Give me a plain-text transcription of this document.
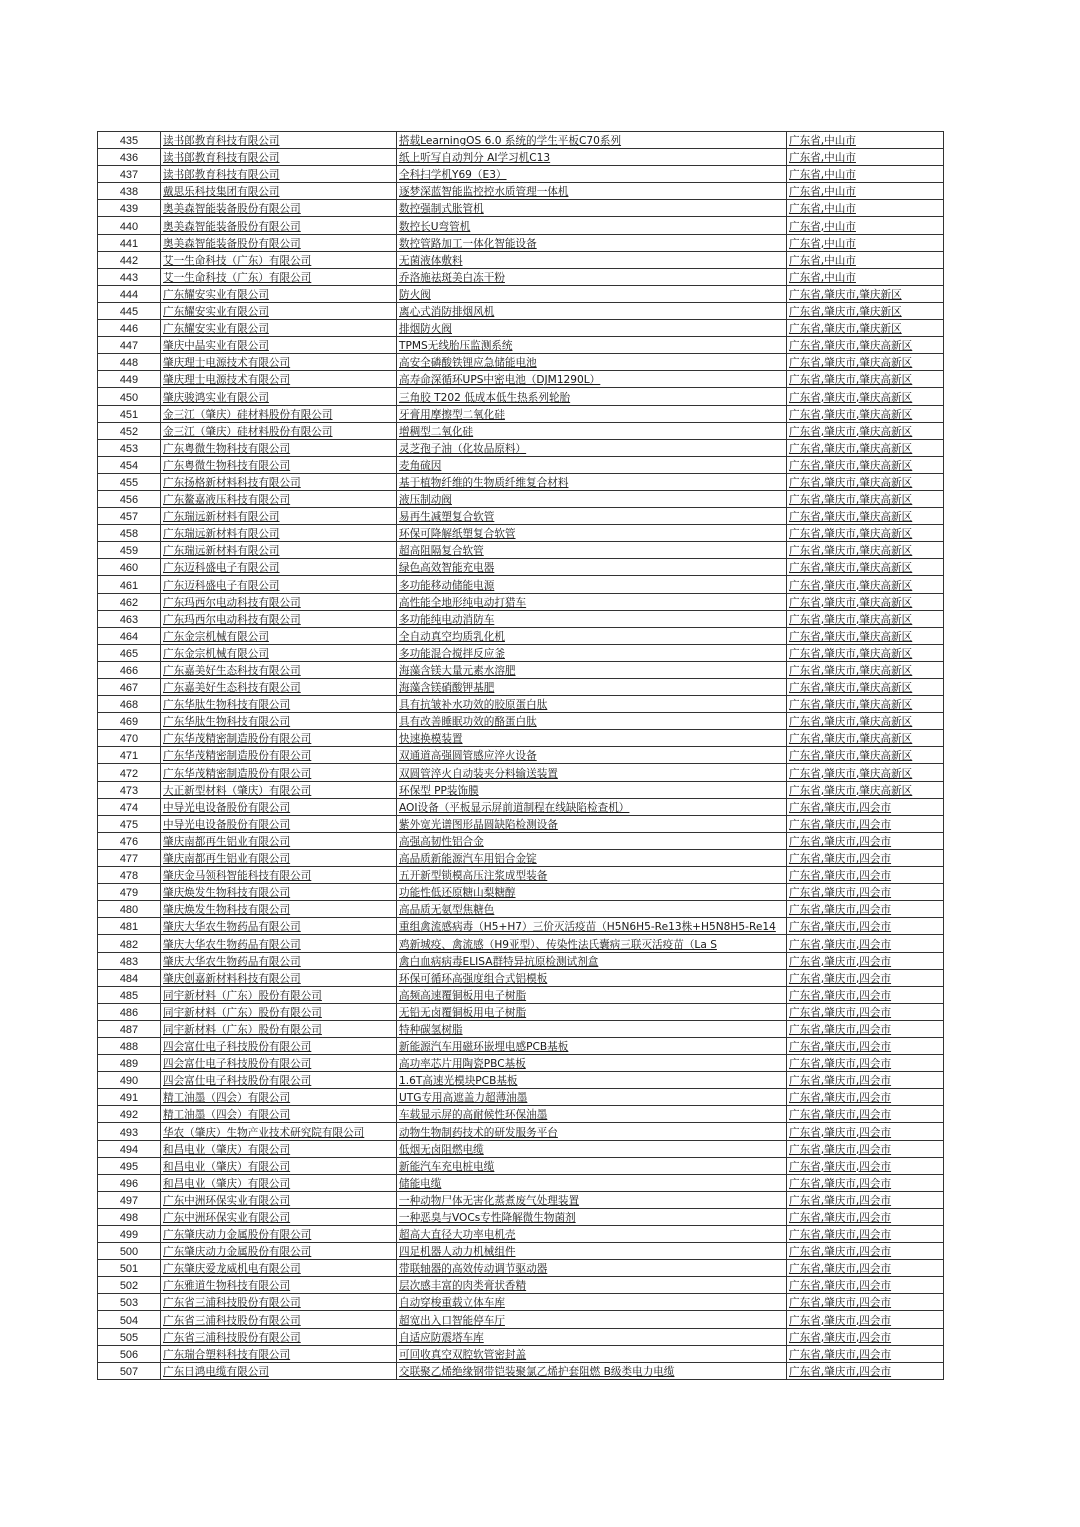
435	读书郎教育科技有限公司	搭载LearningOS 6.0 系统的学生平板C70系列	广东省,中山市
436	读书郎教育科技有限公司	纸上听写自动判分 AI学习机C13	广东省,中山市
437	读书郎教育科技有限公司	全科扫学机Y69（E3）	广东省,中山市
438	戴思乐科技集团有限公司	逐梦深蓝智能监控控水质管理一体机	广东省,中山市
439	奥美森智能装备股份有限公司	数控强制式胀管机	广东省,中山市
440	奥美森智能装备股份有限公司	数控长U弯管机	广东省,中山市
441	奥美森智能装备股份有限公司	数控管路加工一体化智能设备	广东省,中山市
442	艾一生命科技（广东）有限公司	无菌液体敷料	广东省,中山市
443	艾一生命科技（广东）有限公司	乔洛施祛斑美白冻干粉	广东省,中山市
444	广东耀安实业有限公司	防火阀	广东省,肇庆市,肇庆新区
445	广东耀安实业有限公司	离心式消防排烟风机	广东省,肇庆市,肇庆新区
446	广东耀安实业有限公司	排烟防火阀	广东省,肇庆市,肇庆新区
447	肇庆中晶实业有限公司	TPMS无线胎压监测系统	广东省,肇庆市,肇庆高新区
448	肇庆理士电源技术有限公司	高安全磷酸铁锂应急储能电池	广东省,肇庆市,肇庆高新区
449	肇庆理士电源技术有限公司	高寿命深循环UPS中密电池（DJM1290L）	广东省,肇庆市,肇庆高新区
450	肇庆骏鸿实业有限公司	三角胶 T202 低成本低生热系列轮胎	广东省,肇庆市,肇庆高新区
451	金三江（肇庆）硅材料股份有限公司	牙膏用摩擦型二氧化硅	广东省,肇庆市,肇庆高新区
452	金三江（肇庆）硅材料股份有限公司	增稠型二氧化硅	广东省,肇庆市,肇庆高新区
453	广东粤微生物科技有限公司	灵芝孢子油（化妆品原料）	广东省,肇庆市,肇庆高新区
454	广东粤微生物科技有限公司	麦角硫因	广东省,肇庆市,肇庆高新区
455	广东扬格新材料科技有限公司	基于植物纤维的生物质纤维复合材料	广东省,肇庆市,肇庆高新区
456	广东鳌嘉液压科技有限公司	液压制动阀	广东省,肇庆市,肇庆高新区
457	广东瑞远新材料有限公司	易再生减塑复合软管	广东省,肇庆市,肇庆高新区
458	广东瑞远新材料有限公司	环保可降解纸塑复合软管	广东省,肇庆市,肇庆高新区
459	广东瑞远新材料有限公司	超高阻隔复合软管	广东省,肇庆市,肇庆高新区
460	广东迈科盛电子有限公司	绿色高效智能充电器	广东省,肇庆市,肇庆高新区
461	广东迈科盛电子有限公司	多功能移动储能电源	广东省,肇庆市,肇庆高新区
462	广东玛西尔电动科技有限公司	高性能全地形纯电动打猎车	广东省,肇庆市,肇庆高新区
463	广东玛西尔电动科技有限公司	多功能纯电动消防车	广东省,肇庆市,肇庆高新区
464	广东金宗机械有限公司	全自动真空均质乳化机	广东省,肇庆市,肇庆高新区
465	广东金宗机械有限公司	多功能混合搅拌反应釜	广东省,肇庆市,肇庆高新区
466	广东嘉美好生态科技有限公司	海藻含镁大量元素水溶肥	广东省,肇庆市,肇庆高新区
467	广东嘉美好生态科技有限公司	海藻含镁硝酸钾基肥	广东省,肇庆市,肇庆高新区
468	广东华肽生物科技有限公司	具有抗皱补水功效的胶原蛋白肽	广东省,肇庆市,肇庆高新区
469	广东华肽生物科技有限公司	具有改善睡眠功效的酪蛋白肽	广东省,肇庆市,肇庆高新区
470	广东华茂精密制造股份有限公司	快速换模装置	广东省,肇庆市,肇庆高新区
471	广东华茂精密制造股份有限公司	双通道高强圆管感应淬火设备	广东省,肇庆市,肇庆高新区
472	广东华茂精密制造股份有限公司	双圆管淬火自动装夹分料输送装置	广东省,肇庆市,肇庆高新区
473	大正新型材料（肇庆）有限公司	环保型 PP装饰膜	广东省,肇庆市,肇庆高新区
474	中导光电设备股份有限公司	AOI设备（平板显示屏前道制程在线缺陷检查机）	广东省,肇庆市,四会市
475	中导光电设备股份有限公司	紫外宽光谱图形晶圆缺陷检测设备	广东省,肇庆市,四会市
476	肇庆南都再生铝业有限公司	高强高韧性铝合金	广东省,肇庆市,四会市
477	肇庆南都再生铝业有限公司	高品质新能源汽车用铝合金锭	广东省,肇庆市,四会市
478	肇庆金马领科智能科技有限公司	五开新型锁模高压注浆成型装备	广东省,肇庆市,四会市
479	肇庆焕发生物科技有限公司	功能性低还原糖山梨糖醇	广东省,肇庆市,四会市
480	肇庆焕发生物科技有限公司	高品质无氨型焦糖色	广东省,肇庆市,四会市
481	肇庆大华农生物药品有限公司	重组禽流感病毒（H5+H7）三价灭活疫苗（H5N6H5-Re13株+H5N8H5-Re14	广东省,肇庆市,四会市
482	肇庆大华农生物药品有限公司	鸡新城疫、禽流感（H9亚型）、传染性法氏囊病三联灭活疫苗（La S	广东省,肇庆市,四会市
483	肇庆大华农生物药品有限公司	禽白血病病毒ELISA群特异抗原检测试剂盒	广东省,肇庆市,四会市
484	肇庆创嘉新材料科技有限公司	环保可循环高强度组合式铝模板	广东省,肇庆市,四会市
485	同宇新材料（广东）股份有限公司	高频高速覆铜板用电子树脂	广东省,肇庆市,四会市
486	同宇新材料（广东）股份有限公司	无铅无卤覆铜板用电子树脂	广东省,肇庆市,四会市
487	同宇新材料（广东）股份有限公司	特种碳氢树脂	广东省,肇庆市,四会市
488	四会富仕电子科技股份有限公司	新能源汽车用磁环嵌埋电感PCB基板	广东省,肇庆市,四会市
489	四会富仕电子科技股份有限公司	高功率芯片用陶瓷PBC基板	广东省,肇庆市,四会市
490	四会富仕电子科技股份有限公司	1.6T高速光模块PCB基板	广东省,肇庆市,四会市
491	精工油墨（四会）有限公司	UTG专用高遮盖力超薄油墨	广东省,肇庆市,四会市
492	精工油墨（四会）有限公司	车载显示屏的高耐候性环保油墨	广东省,肇庆市,四会市
493	华农（肇庆）生物产业技术研究院有限公司	动物生物制药技术的研发服务平台	广东省,肇庆市,四会市
494	和昌电业（肇庆）有限公司	低烟无卤阻燃电缆	广东省,肇庆市,四会市
495	和昌电业（肇庆）有限公司	新能汽车充电桩电缆	广东省,肇庆市,四会市
496	和昌电业（肇庆）有限公司	储能电缆	广东省,肇庆市,四会市
497	广东中洲环保实业有限公司	一种动物尸体无害化蒸煮废气处理装置	广东省,肇庆市,四会市
498	广东中洲环保实业有限公司	一种恶臭与VOCs专性降解微生物菌剂	广东省,肇庆市,四会市
499	广东肇庆动力金属股份有限公司	超高大直径大功率电机壳	广东省,肇庆市,四会市
500	广东肇庆动力金属股份有限公司	四足机器人动力机械组件	广东省,肇庆市,四会市
501	广东肇庆爱龙威机电有限公司	带联轴器的高效传动调节驱动器	广东省,肇庆市,四会市
502	广东雅道生物科技有限公司	层次感丰富的肉类膏状香精	广东省,肇庆市,四会市
503	广东省三浦科技股份有限公司	自动穿梭重载立体车库	广东省,肇庆市,四会市
504	广东省三浦科技股份有限公司	超宽出入口智能停车厅	广东省,肇庆市,四会市
505	广东省三浦科技股份有限公司	自适应防震塔车库	广东省,肇庆市,四会市
506	广东瑞合塑料科技有限公司	可回收真空双腔软管密封盖	广东省,肇庆市,四会市
507	广东日鸿电缆有限公司	交联聚乙烯绝缘钢带铠装聚氯乙烯护套阻燃 B级类电力电缆	广东省,肇庆市,四会市
